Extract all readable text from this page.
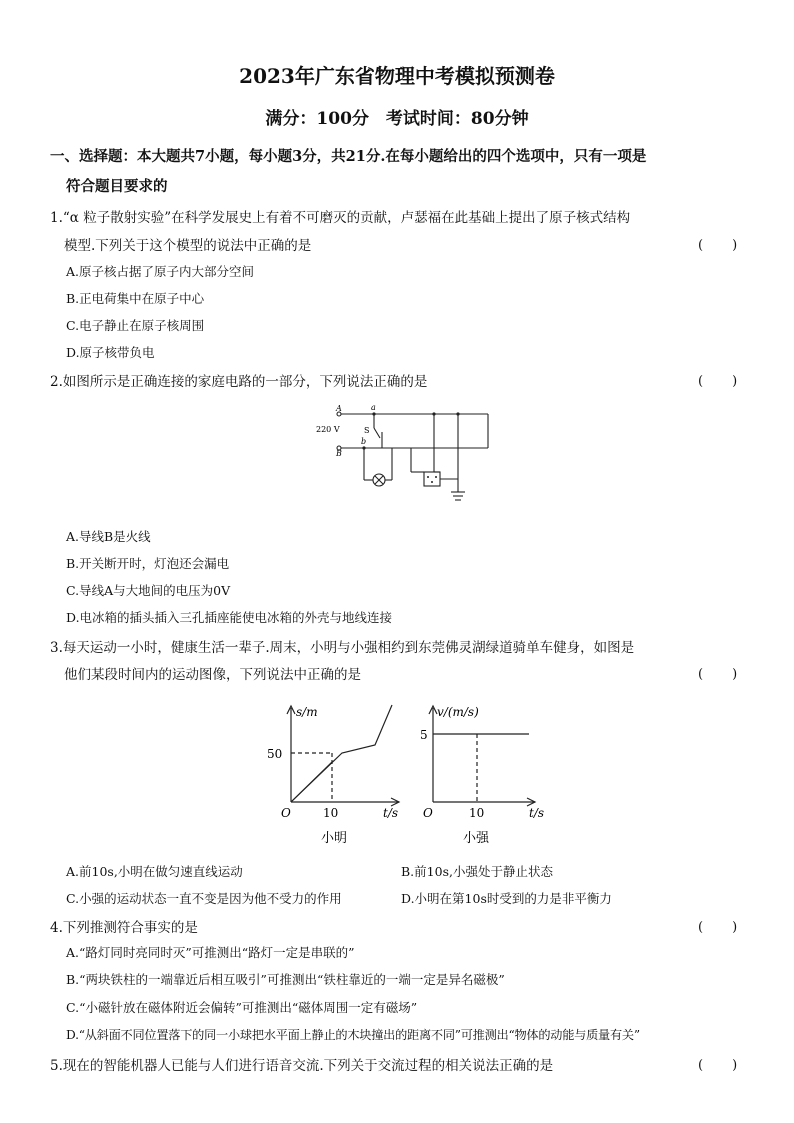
2023年广东省物理中考模拟预测卷
满分：100分　考试时间：80分钟
一、选择题：本大题共7小题，每小题3分，共21分.在每小题给出的四个选项中，只有一项是
符合题目要求的
1.“α 粒子散射实验”在科学发展史上有着不可磨灭的贡献，卢瑟福在此基础上提出了原子核式结构
模型.下列关于这个模型的说法中正确的是	(　　)
A.原子核占据了原子内大部分空间
B.正电荷集中在原子中心
C.电子静止在原子核周围
D.原子核带负电
2.如图所示是正确连接的家庭电路的一部分，下列说法正确的是	(　　)
A
B
220 V
a
b
S
A.导线B是火线
B.开关断开时，灯泡还会漏电
C.导线A与大地间的电压为0V
D.电冰箱的插头插入三孔插座能使电冰箱的外壳与地线连接
3.每天运动一小时，健康生活一辈子.周末，小明与小强相约到东莞佛灵湖绿道骑单车健身，如图是
他们某段时间内的运动图像，下列说法中正确的是	(　　)
s/m
50
10
O	t/s
小明
v/(m/s)
5
10
O	t/s
小强
A.前10s,小明在做匀速直线运动	B.前10s,小强处于静止状态
C.小强的运动状态一直不变是因为他不受力的作用	D.小明在第10s时受到的力是非平衡力
4.下列推测符合事实的是	(　　)
A.“路灯同时亮同时灭”可推测出“路灯一定是串联的”
B.“两块铁柱的一端靠近后相互吸引”可推测出“铁柱靠近的一端一定是异名磁极”
C.“小磁针放在磁体附近会偏转”可推测出“磁体周围一定有磁场”
D.“从斜面不同位置落下的同一小球把水平面上静止的木块撞出的距离不同”可推测出“物体的动能与质量有关”
5.现在的智能机器人已能与人们进行语音交流.下列关于交流过程的相关说法正确的是	(　　)
